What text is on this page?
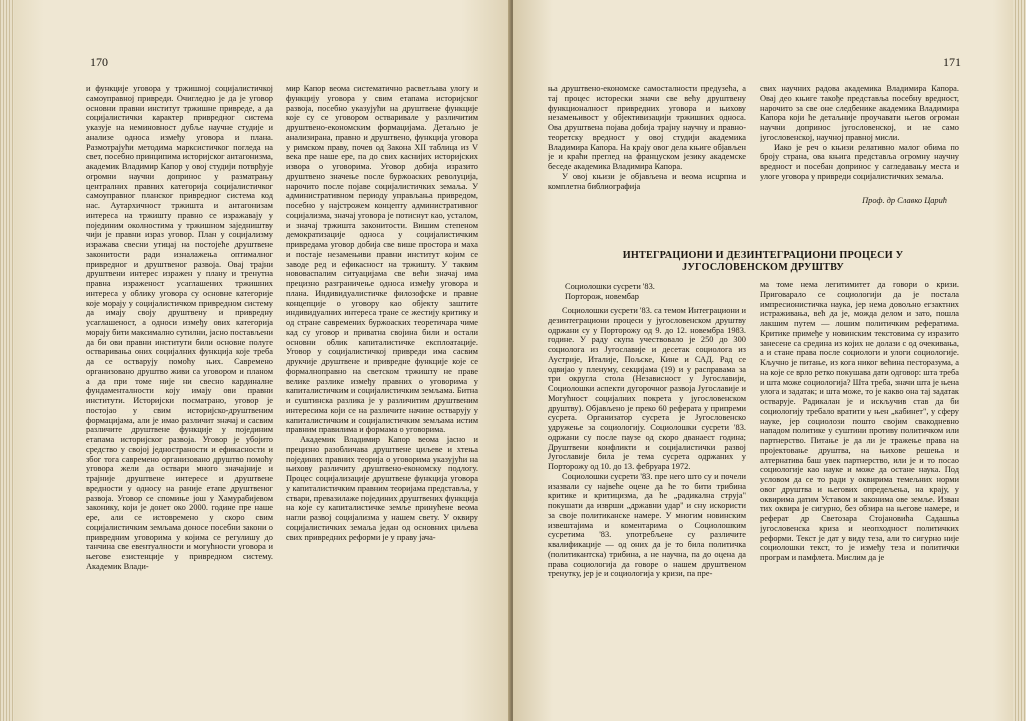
170

и функције уговора у тржишној социјалистичкој самоуправној привреди. Очигледно је да је уговор основни правни институт тржишне привреде, а да социјалистички карактер привредног система указује на неминовност дубље научне студије и анализе односа између уговора и плана. Размотрајући методима марксистичког погледа на свет, посебно принципима историјског антагонизма, академик Владимир Капор у овој студији потврђује огромни научни допринос у разматрању централних правних категорија социјалистичког самоуправног планског привредног система код нас. Аутархичност тржишта и антагонизам интереса на тржишту правно се изражавају у појединим околностима у тржишном заједништву чији је правни израз уговор. План у социјализму изражава свесни утицај на постојеће друштвене законитости ради изналажења оптималног привредног и друштвеног развоја. Овај трајни друштвени интерес изражен у плану и тренутна правна израженост усаглашених тржишних интереса у облику уговора су основне категорије које морају у социјалистичком привредном систему да имају своју друштвену и привредну усаглашеност, а односи између ових категорија морају бити максимално сутилни, јасно постављени да би ови правни институти били основне полуге остваривања оних социјалних функција које треба да се остварују помоћу њих. Савремено организовано друштво живи са уговором и планом а да при томе није ни свесно кардиналне фундаменталности коју имају ови правни институти. Историјски посматрано, уговор је постојао у свим историјско-друштвеним формацијама, али је имао различит значај и сасвим различите друштвене функције у појединим етапама историјског развоја. Уговор је убојито средство у својој једностраности и ефикасности и због тога савремено организовано друштво помоћу уговора жели да оствари много значајније и трајније друштвене интересе и друштвене вредности у односу на раније етапе друштвеног развоја. Уговор се спомиње још у Хамурабијевом законику, који је донет око 2000. године пре наше ере, али се истовремено у скоро свим социјалистичким земљама доносе посебни закони о привредним уговорима у којима се регулишу до танчина све евентуалности и могућности уговора и његове езистенције у привредном систему. Академик Влади-

мир Капор веома систематично расветљава улогу и функцију уговора у свим етапама историјског развоја, посебно указујући на друштвене функције које су се уговором остваривале у различитим друштвено-економским формацијама. Детаљно је анализирана, правно и друштвено, функција уговора у римском праву, почев од Закона XII таблица из V века пре наше ере, па до свих каснијих историјских извора о уговорима. Уговор добија изразито друштвено значење после буржоаских револуција, нарочито после појаве социјалистичких земаља. У административном периоду управљања привредом, посебно у најстрожем концепту административног социјализма, значај уговора је потиснут као, усталом, и значај тржишта законитости. Вишим степеном демократизације односа у социјалистичким привредама уговор добија све више простора и маха и постаје незамењиви правни институт којим се заводе ред и ефикасност на тржишту. У таквим нововаспалим ситуацијама све већи значај има прецизно разграничење односа између уговора и плана. Индивидуалистичке филозофске и правне концепције о уговору као објекту заштите индивидуалних интереса тране се жестију критику и од стране савремених буржоаских теоретичара чиме кад су уговор и приватна својина били и остали основни облик капиталистичке експлоатације. Уговор у социјалистичкој привреди има сасвим друкчије друштвене и привредне функције које се формалноправно на светском тржишту не праве велике разлике између правних о уговорима у капиталистичким и социјалистичким земљама. Битна и суштинска разлика је у различитим друштвеним интересима који се на различите начине остварују у капиталистичким и социјалистичким земљама истим правним правилима и формама о уговорима.

Академик Владимир Капор веома јасно и прецизно разобличава друштвене циљеве и хтења појединих правних теорија о уговорима указујући на њихову различиту друштвено-економску подлогу. Процес социјализације друштвене функција уговора у капиталистичким правним теоријама представља, у ствари, превазилаже појединих друштвених функција на које су капиталистичке земље принућене веома нагли развој социјализма у нашем свету. У оквиру социјалистичких земаља један од основних циљева свих привредних реформи је у праву јача-

171

ња друштвено-економске самосталности предузећа, а тај процес исторески значи све већу друштвену функционалност привредних уговора и њихову незамењивост у објективизацији тржишних односа. Ова друштвена појава добија трајну научну и правно-теоретску вредност у овој студији академика Владимира Капора. На крају овог дела књиге објављен је и краћи преглед на француском језику академске беседе академика Владимира Капора.

У овој књизи је објављена и веома исцрпна и комплетна библиографија

свих научних радова академика Владимира Капора. Овај део књиге такође представља посебну вредност, нарочито за све оне следбенике академика Владимира Капора који ће детаљније проучавати његов огроман научни допринос југословенској, и не само југословенској, научној правној мисли.

Иако је реч о књизи релативно малог обима по броју страна, ова књига представља огромну научну вредност и посебан допринос у сагледавању места и улоге уговора у привреди социјалистичких земаља.

Проф. др Славко Царић

ИНТЕГРАЦИОНИ И ДЕЗИНТЕГРАЦИОНИ ПРОЦЕСИ У ЈУГОСЛОВЕНСКОМ ДРУШТВУ
Социолошки сусрети '83.
Порторож, новембар

Социолошки сусрети '83. са темом Интеграциони и дезинтеграциони процеси у југословенском друштву одржани су у Порторожу од 9. до 12. новембра 1983. године. У раду скупа учествовало је 250 до 300 социолога из Југославије и десетак социолога из Аустрије, Италије, Пољске, Кине и САД. Рад се одвијао у пленуму, секцијама (19) и у расправама за три округла стола (Независност у Југославији, Социолошки аспекти дугорочног развоја Југославије и Могућност социјалних покрета у југословенском друштву). Објављено је преко 60 реферата у припреми сусрета. Организатор сусрета је Југословенско удружење за социологију. Социолошки сусрети '83. одржани су после паузе од скоро дванаест година; Друштвени конфликти и социјалистички развој Југославије била је тема сусрета одржаних у Порторожу од 10. до 13. фебруара 1972.

Социолошки сусрети '83. пре него што су и почели изазвали су највеће оцене да ће то бити трибина критике и критицизма, да ће „радикална струја" покушати да изврши „државни удар" и сну искористи за своје политиканске намере. У многим новинским извештајима и коментарима о Социолошким сусретима '83. употребљене су различите квалификације — од оних да је то била политичка (политикантска) трибина, а не научна, па до оцена да права социологија да говоре о нашем друштвеном тренутку, јер је и социологија у кризи, па пре-

ма томе нема легитимитет да говори о кризи. Приговарало се социологији да је постала импресионистичка наука, јер нема довољно егзактних истраживања, већ да је, можда делом и зато, пошла лакшим путем — лошим политичким рефератима. Критике примеђе у новинским текстовима су изразито занесене са средина из којих не долази с од очекивања, а и стане права после социологи и улоги социологије. Кључно је питање, из кога никог већина песторазума, а на које се врло ретко покушава дати одговор: шта треба и шта може социологија? Шта треба, значи шта је њена улога и задатак; и шта може, то је какво она тај задатак остварује. Радикалан је и искључив став да би социологију требало вратити у њен „кабинет", у сферу науке, јер социолози пошто својим свакодневно нападом политике у суштини противу политичком или партнерство. Питање је да ли је тражење права на пројектовање друштва, на њихове решења и алтернатива баш увек партнерство, или је и то посао социологије као науке и може да остане наука. Под условом да се то ради у оквирима темељних норми овог друштва и његових опредељења, на крају, у оквирима датим Уставом и законима ове земље. Изван тих оквира је сигурно, без обзира на његове намере, и реферат др Светозара Стојановића Садашња југословенска криза и неопходност политичких реформи. Текст је дат у виду теза, али то сигурно није социолошки текст, то је између теза и политички програм и памфлета. Мислим да је
